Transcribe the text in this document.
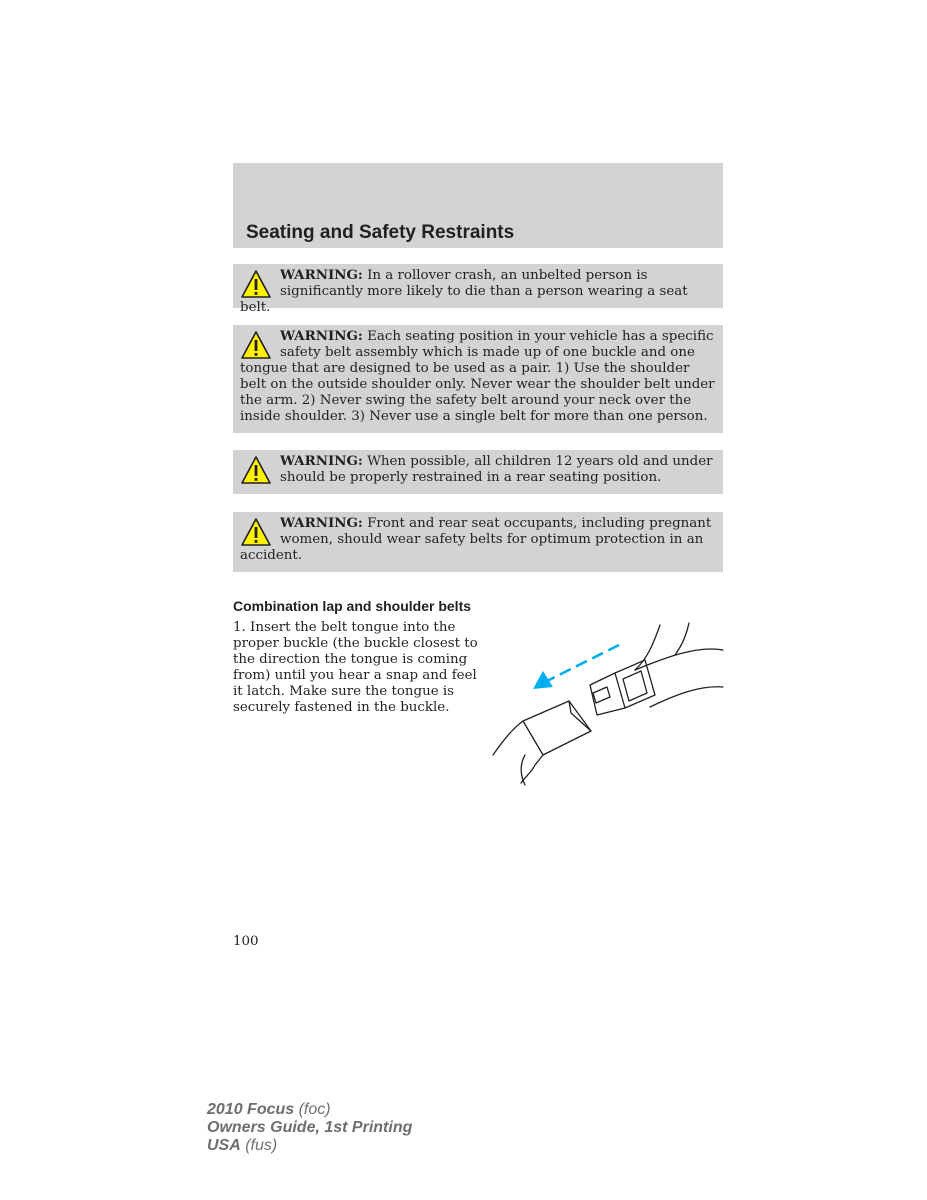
Seating and Safety Restraints
WARNING: In a rollover crash, an unbelted person is significantly more likely to die than a person wearing a seat belt.
WARNING: Each seating position in your vehicle has a specific safety belt assembly which is made up of one buckle and one tongue that are designed to be used as a pair. 1) Use the shoulder belt on the outside shoulder only. Never wear the shoulder belt under the arm. 2) Never swing the safety belt around your neck over the inside shoulder. 3) Never use a single belt for more than one person.
WARNING: When possible, all children 12 years old and under should be properly restrained in a rear seating position.
WARNING: Front and rear seat occupants, including pregnant women, should wear safety belts for optimum protection in an accident.
Combination lap and shoulder belts

1. Insert the belt tongue into the proper buckle (the buckle closest to the direction the tongue is coming from) until you hear a snap and feel it latch. Make sure the tongue is securely fastened in the buckle.

100
2010 Focus (foc)
Owners Guide, 1st Printing
USA (fus)
